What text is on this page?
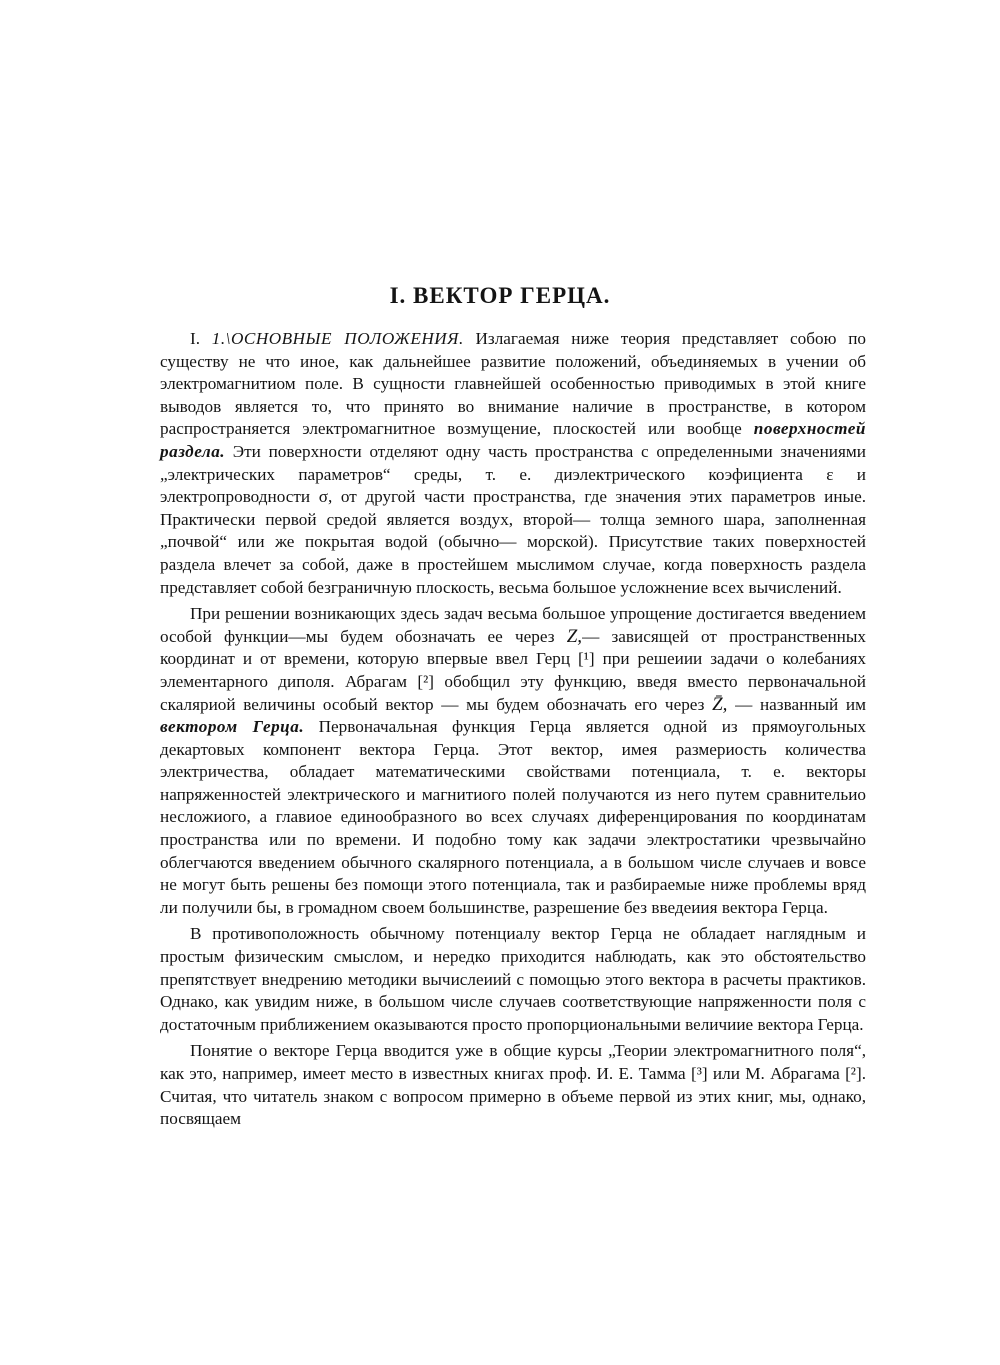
I. ВЕКТОР ГЕРЦА.

I. 1.\ОСНОВНЫЕ ПОЛОЖЕНИЯ. Излагаемая ниже теория представляет собою по существу не что иное, как дальнейшее развитие положений, объединяемых в учении об электромагнитиом поле. В сущности главнейшей особенностью приводимых в этой книге выводов является то, что принято во внимание наличие в пространстве, в котором распространяется электромагнитное возмущение, плоскостей или вообще поверхностей раздела. Эти поверхности отделяют одну часть пространства с определенными значениями „электрических параметров“ среды, т. е. диэлектрического коэфициента ε и электропроводности σ, от другой части пространства, где значения этих параметров иные. Практически первой средой является воздух, второй— толща земного шара, заполненная „почвой“ или же покрытая водой (обычно— морской). Присутствие таких поверхностей раздела влечет за собой, даже в простейшем мыслимом случае, когда поверхность раздела представляет собой безграничную плоскость, весьма большое усложнение всех вычислений.

При решении возникающих здесь задач весьма большое упрощение достигается введением особой функции—мы будем обозначать ее через Z,— зависящей от пространственных координат и от времени, которую впервые ввел Герц [¹] при решеиии задачи о колебаниях элементарного диполя. Абрагам [²] обобщил эту функцию, введя вместо первоначальной скаляриой величины особый вектор — мы будем обозначать его через Z̄, — названный им вектором Герца. Первоначальная функция Герца является одной из прямоугольных декартовых компонент вектора Герца. Этот вектор, имея размериость количества электричества, обладает математическими свойствами потенциала, т. е. векторы напряженностей электрического и магнитиого полей получаются из него путем сравнительио несложиого, а главиое единообразного во всех случаях диференцирования по координатам пространства или по времени. И подобно тому как задачи электростатики чрезвычайно облегчаются введением обычного скалярного потенциала, а в большом числе случаев и вовсе не могут быть решены без помощи этого потенциала, так и разбираемые ниже проблемы вряд ли получили бы, в громадном своем большинстве, разрешение без введеиия вектора Герца.

В противоположность обычному потенциалу вектор Герца не обладает наглядным и простым физическим смыслом, и нередко приходится наблюдать, как это обстоятельство препятствует внедрению методики вычислеиий с помощью этого вектора в расчеты практиков. Однако, как увидим ниже, в большом числе случаев соответствующие напряженности поля с достаточным приближением оказываются просто пропорциональными величиие вектора Герца.

Понятие о векторе Герца вводится уже в общие курсы „Теории электромагнитного поля“, как это, например, имеет место в известных книгах проф. И. Е. Тамма [³] или М. Абрагама [²]. Считая, что читатель знаком с вопросом примерно в объеме первой из этих книг, мы, однако, посвящаем
